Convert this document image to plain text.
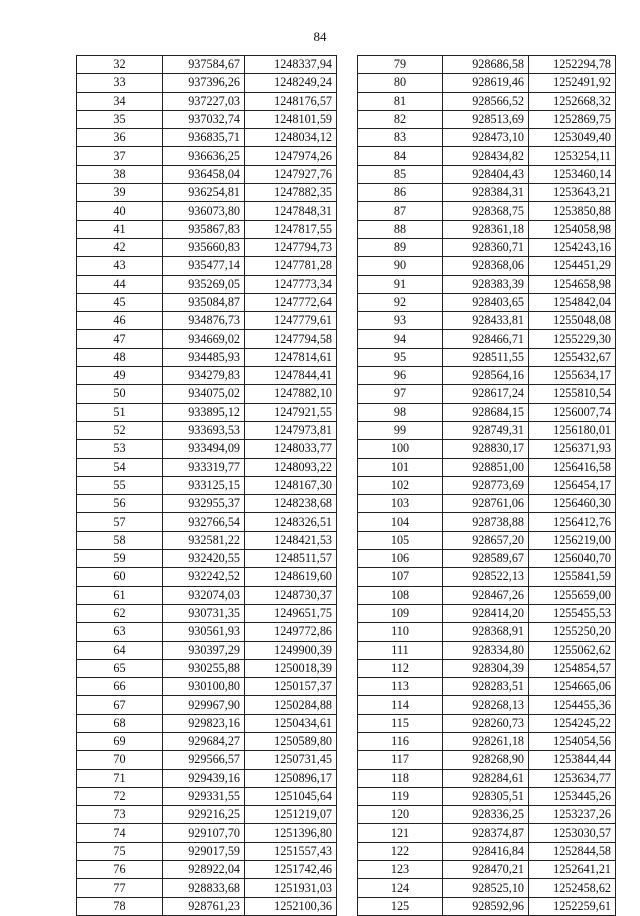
84
32	937584,67	1248337,94
33	937396,26	1248249,24
34	937227,03	1248176,57
35	937032,74	1248101,59
36	936835,71	1248034,12
37	936636,25	1247974,26
38	936458,04	1247927,76
39	936254,81	1247882,35
40	936073,80	1247848,31
41	935867,83	1247817,55
42	935660,83	1247794,73
43	935477,14	1247781,28
44	935269,05	1247773,34
45	935084,87	1247772,64
46	934876,73	1247779,61
47	934669,02	1247794,58
48	934485,93	1247814,61
49	934279,83	1247844,41
50	934075,02	1247882,10
51	933895,12	1247921,55
52	933693,53	1247973,81
53	933494,09	1248033,77
54	933319,77	1248093,22
55	933125,15	1248167,30
56	932955,37	1248238,68
57	932766,54	1248326,51
58	932581,22	1248421,53
59	932420,55	1248511,57
60	932242,52	1248619,60
61	932074,03	1248730,37
62	930731,35	1249651,75
63	930561,93	1249772,86
64	930397,29	1249900,39
65	930255,88	1250018,39
66	930100,80	1250157,37
67	929967,90	1250284,88
68	929823,16	1250434,61
69	929684,27	1250589,80
70	929566,57	1250731,45
71	929439,16	1250896,17
72	929331,55	1251045,64
73	929216,25	1251219,07
74	929107,70	1251396,80
75	929017,59	1251557,43
76	928922,04	1251742,46
77	928833,68	1251931,03
78	928761,23	1252100,36
79	928686,58	1252294,78
80	928619,46	1252491,92
81	928566,52	1252668,32
82	928513,69	1252869,75
83	928473,10	1253049,40
84	928434,82	1253254,11
85	928404,43	1253460,14
86	928384,31	1253643,21
87	928368,75	1253850,88
88	928361,18	1254058,98
89	928360,71	1254243,16
90	928368,06	1254451,29
91	928383,39	1254658,98
92	928403,65	1254842,04
93	928433,81	1255048,08
94	928466,71	1255229,30
95	928511,55	1255432,67
96	928564,16	1255634,17
97	928617,24	1255810,54
98	928684,15	1256007,74
99	928749,31	1256180,01
100	928830,17	1256371,93
101	928851,00	1256416,58
102	928773,69	1256454,17
103	928761,06	1256460,30
104	928738,88	1256412,76
105	928657,20	1256219,00
106	928589,67	1256040,70
107	928522,13	1255841,59
108	928467,26	1255659,00
109	928414,20	1255455,53
110	928368,91	1255250,20
111	928334,80	1255062,62
112	928304,39	1254854,57
113	928283,51	1254665,06
114	928268,13	1254455,36
115	928260,73	1254245,22
116	928261,18	1254054,56
117	928268,90	1253844,44
118	928284,61	1253634,77
119	928305,51	1253445,26
120	928336,25	1253237,26
121	928374,87	1253030,57
122	928416,84	1252844,58
123	928470,21	1252641,21
124	928525,10	1252458,62
125	928592,96	1252259,61
